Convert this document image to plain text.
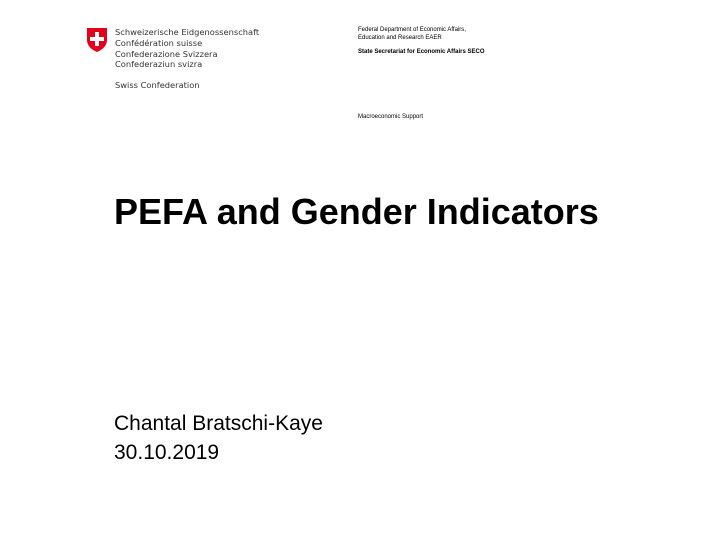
Schweizerische Eidgenossenschaft
Confédération suisse
Confederazione Svizzera
Confederaziun svizra
Swiss Confederation
Federal Department of Economic Affairs,
Education and Research EAER
State Secretariat for Economic Affairs SECO
Macroeconomic Support
PEFA and Gender Indicators
Chantal Bratschi-Kaye
30.10.2019
